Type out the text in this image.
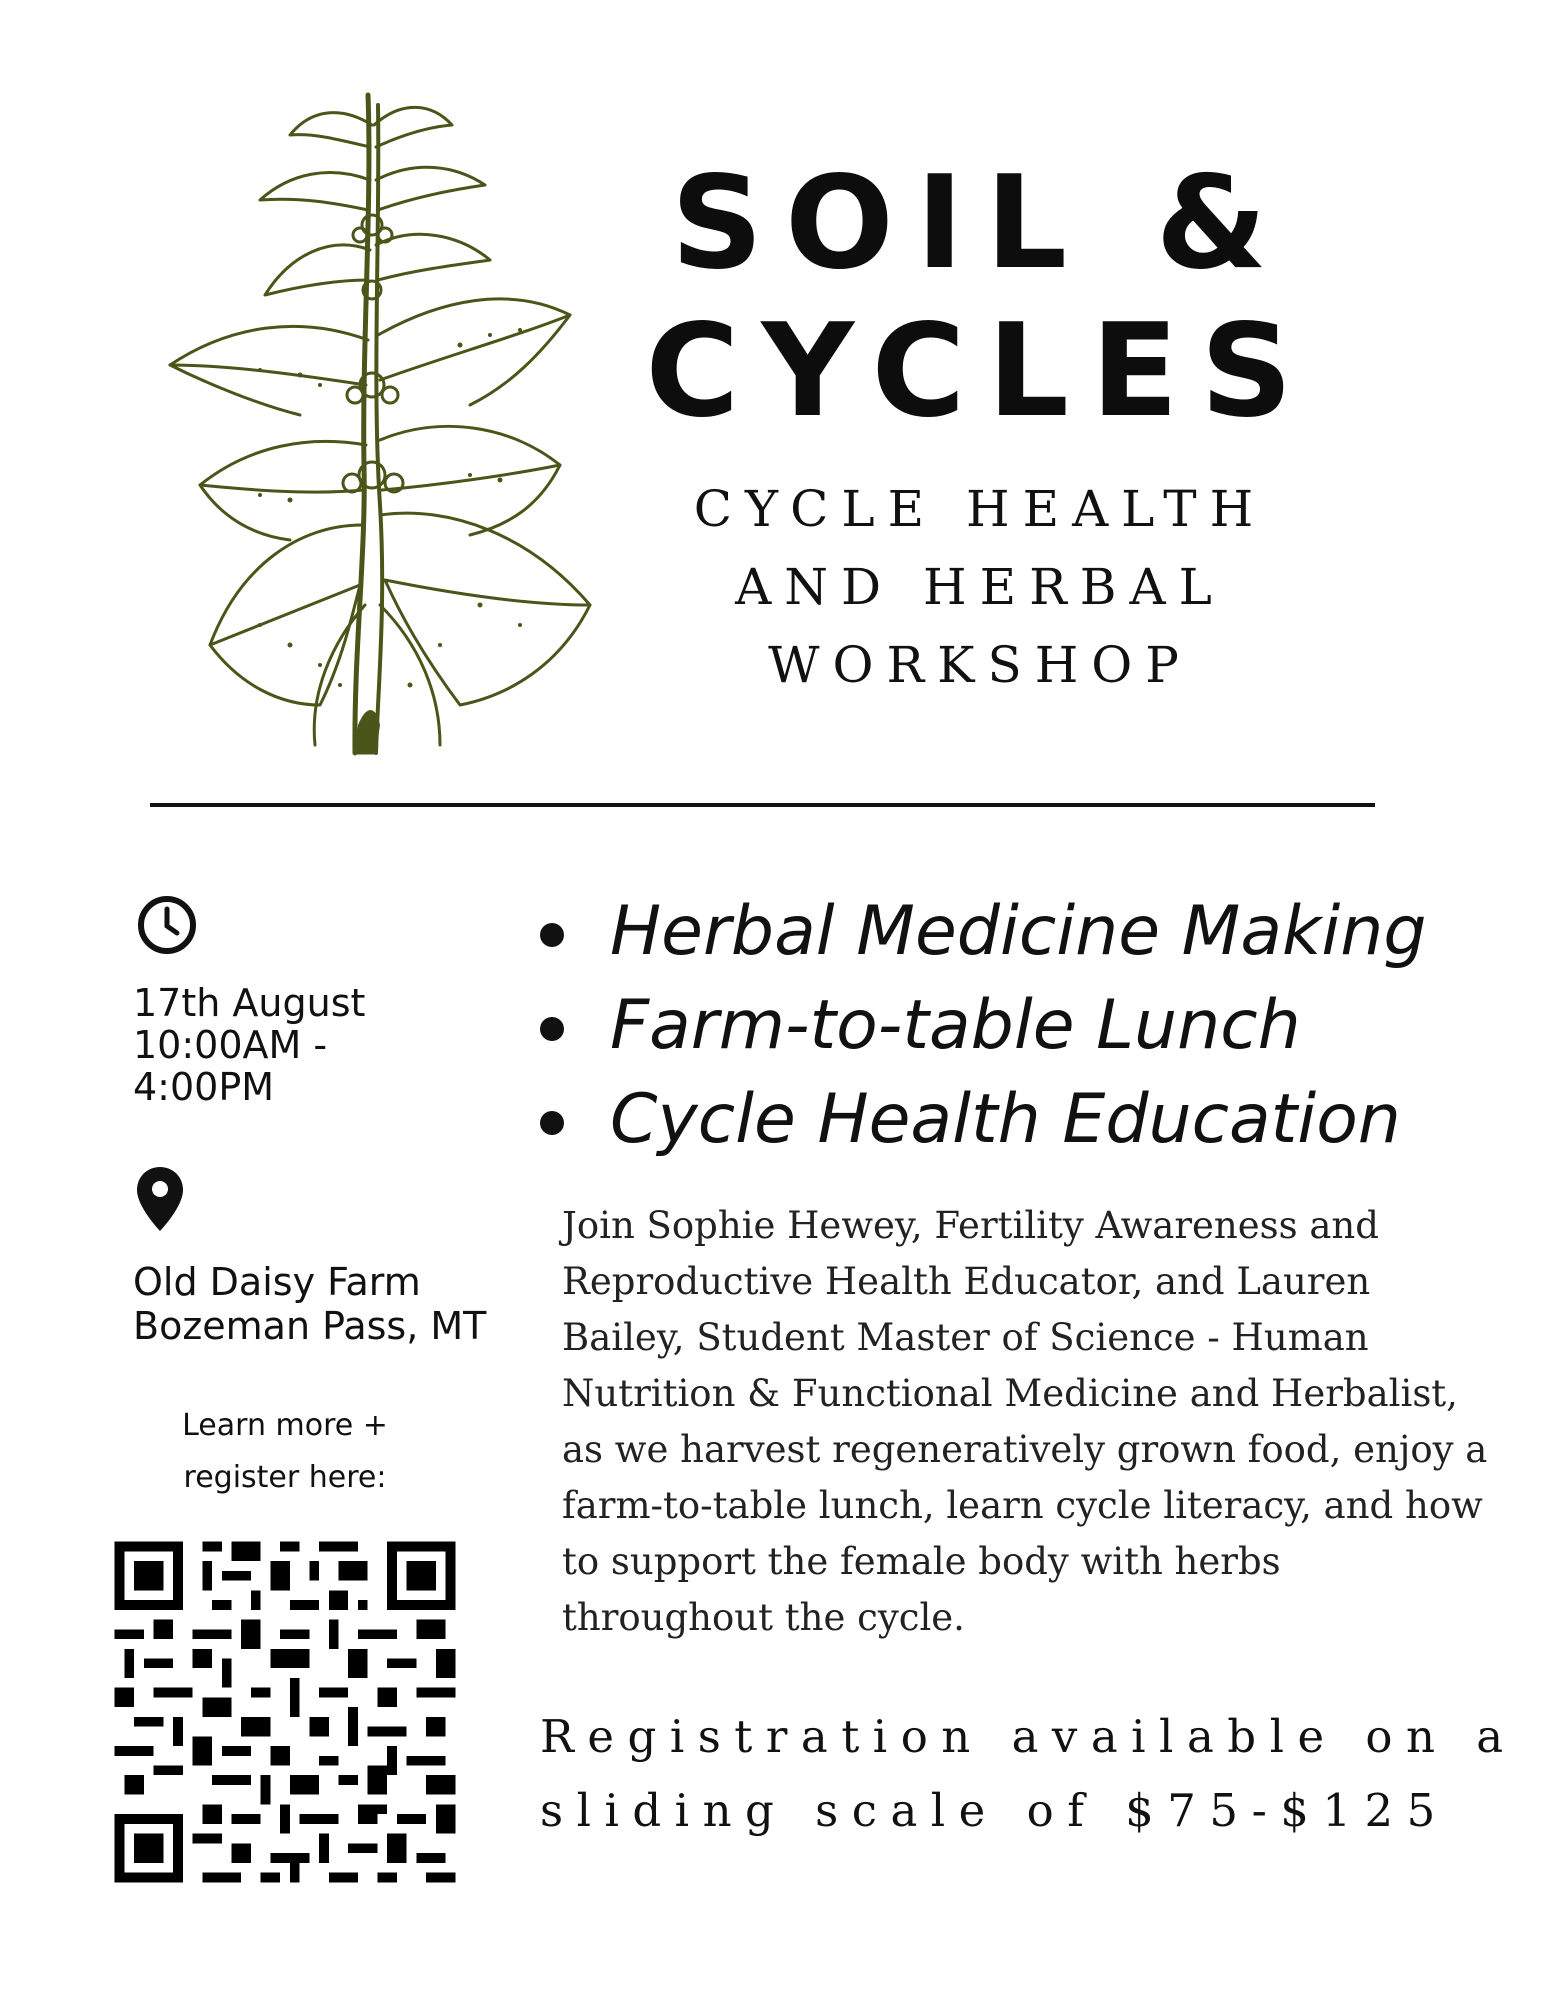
SOIL &
CYCLES
CYCLE HEALTH
AND HERBAL
WORKSHOP
17th August
10:00AM -
4:00PM
Old Daisy Farm
Bozeman Pass, MT
Learn more +
register here:
Herbal Medicine Making
Farm-to-table Lunch
Cycle Health Education
Join Sophie Hewey, Fertility Awareness and Reproductive Health Educator, and Lauren Bailey, Student Master of Science - Human Nutrition & Functional Medicine and Herbalist, as we harvest regeneratively grown food, enjoy a farm-to-table lunch, learn cycle literacy, and how to support the female body with herbs throughout the cycle.
Registration available on a
sliding scale of $75-$125
